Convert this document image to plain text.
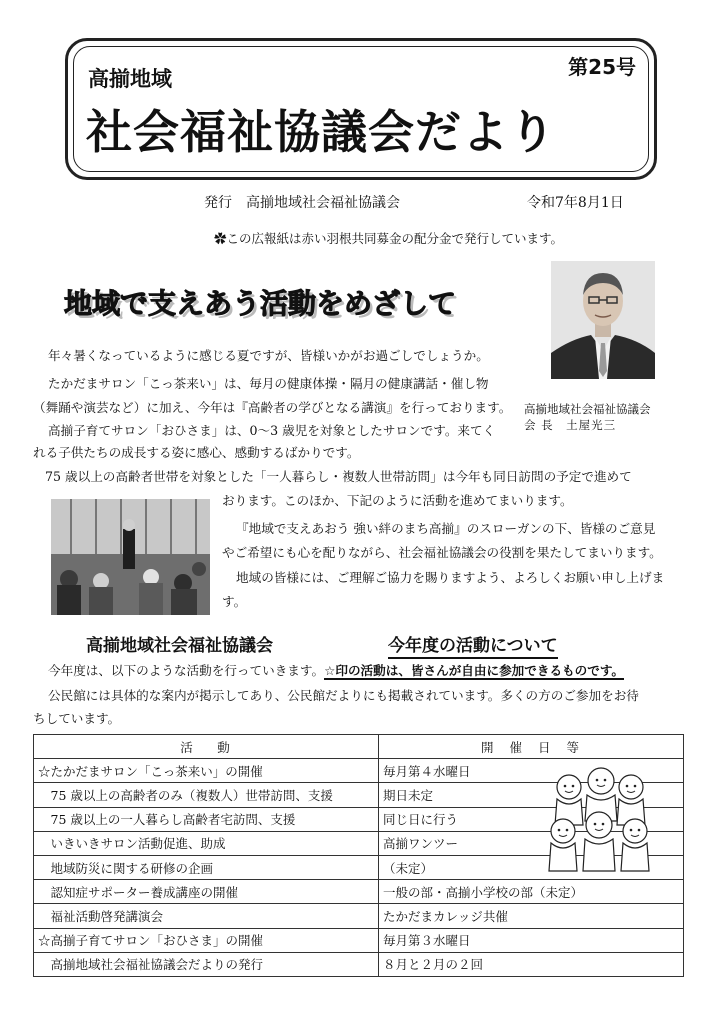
高揃地域
社会福祉協議会だより
第25号
発行　高揃地域社会福祉協議会	令和7年8月1日
✿この広報紙は赤い羽根共同募金の配分金で発行しています。
地域で支えあう活動をめざして
高揃地域社会福祉協議会
会 長　土屋光三
年々暑くなっているように感じる夏ですが、皆様いかがお過ごしでしょうか。
たかだまサロン「こっ茶来い」は、毎月の健康体操・隔月の健康講話・催し物
（舞踊や演芸など）に加え、今年は『高齢者の学びとなる講演』を行っております。
高揃子育てサロン「おひさま」は、0～3 歳児を対象としたサロンです。来てく
れる子供たちの成長する姿に感心、感動するばかりです。
75 歳以上の高齢者世帯を対象とした「一人暮らし・複数人世帯訪問」は今年も同日訪問の予定で進めて
おります。このほか、下記のように活動を進めてまいります。
『地域で支えあおう 強い絆のまち高揃』のスローガンの下、皆様のご意見
やご希望にも心を配りながら、社会福祉協議会の役割を果たしてまいります。
地域の皆様には、ご理解ご協力を賜りますよう、よろしくお願い申し上げま
す。
高揃地域社会福祉協議会	今年度の活動について
今年度は、以下のような活動を行っていきます。☆印の活動は、皆さんが自由に参加できるものです。
公民館には具体的な案内が掲示してあり、公民館だよりにも掲載されています。多くの方のご参加をお待
ちしています。
活　動	開 催 日 等
☆たかだまサロン「こっ茶来い」の開催	毎月第４水曜日
　75 歳以上の高齢者のみ（複数人）世帯訪問、支援	期日未定
　75 歳以上の一人暮らし高齢者宅訪問、支援	同じ日に行う
　いきいきサロン活動促進、助成	高揃ワンツー
　地域防災に関する研修の企画	（未定）
　認知症サポーター養成講座の開催	一般の部・高揃小学校の部（未定）
　福祉活動啓発講演会	たかだまカレッジ共催
☆高揃子育てサロン「おひさま」の開催	毎月第３水曜日
　高揃地域社会福祉協議会だよりの発行	８月と２月の２回
